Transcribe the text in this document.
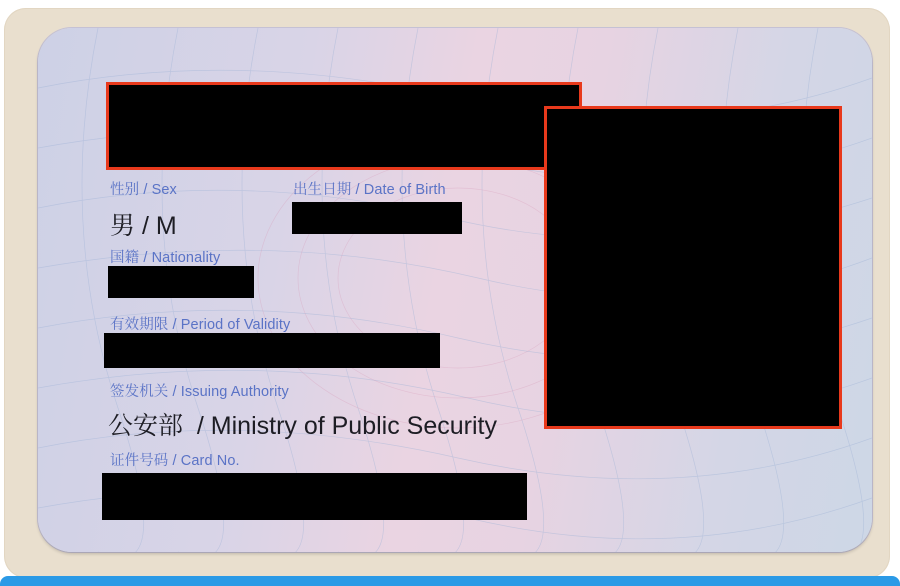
性别 / Sex
男 / M
出生日期 / Date of Birth
国籍 / Nationality
有效期限 / Period of Validity
签发机关 / Issuing Authority
公安部  / Ministry of Public Security
证件号码 / Card No.
